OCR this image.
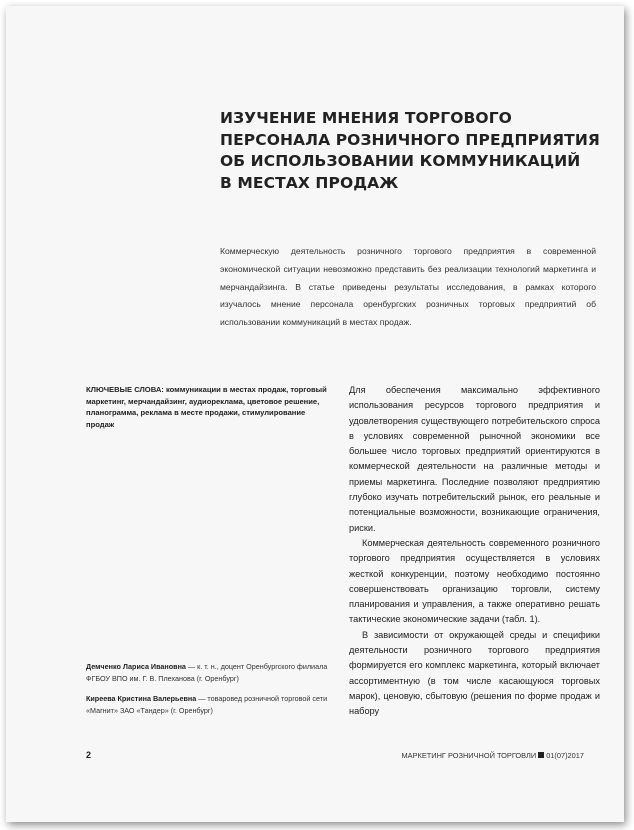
ИЗУЧЕНИЕ МНЕНИЯ ТОРГОВОГО
ПЕРСОНАЛА РОЗНИЧНОГО ПРЕДПРИЯТИЯ
ОБ ИСПОЛЬЗОВАНИИ КОММУНИКАЦИЙ
В МЕСТАХ ПРОДАЖ

Коммерческую деятельность розничного торгового предприятия в современной экономической ситуации невозможно представить без реализации технологий маркетинга и мерчандайзинга. В статье приведены результаты исследования, в рамках которого изучалось мнение персонала оренбургских розничных торговых предприятий об использовании коммуникаций в местах продаж.

КЛЮЧЕВЫЕ СЛОВА: коммуникации в местах продаж, торговый маркетинг, мерчандайзинг, аудиореклама, цветовое решение, планограмма, реклама в месте продажи, стимулирование продаж

Для обеспечения максимально эффективного использования ресурсов торгового предприятия и удовлетворения существующего потребительского спроса в условиях современной рыночной экономики все большее число торговых предприятий ориентируются в коммерческой деятельности на различные методы и приемы маркетинга. Последние позволяют предприятию глубоко изучать потребительский рынок, его реальные и потенциальные возможности, возникающие ограничения, риски.

Коммерческая деятельность современного розничного торгового предприятия осуществляется в условиях жесткой конкуренции, поэтому необходимо постоянно совершенствовать организацию торговли, систему планирования и управления, а также оперативно решать тактические экономические задачи (табл. 1).

В зависимости от окружающей среды и специфики деятельности розничного торгового предприятия формируется его комплекс маркетинга, который включает ассортиментную (в том числе касающуюся торговых марок), ценовую, сбытовую (решения по форме продаж и набору

Демченко Лариса Ивановна — к. т. н., доцент Оренбургского филиала ФГБОУ ВПО им. Г. В. Плеханова (г. Оренбург)

Киреева Кристина Валерьевна — товаровед розничной торговой сети «Магнит» ЗАО «Тандер» (г. Оренбург)

2	МАРКЕТИНГ РОЗНИЧНОЙ ТОРГОВЛИ 01(07)2017
